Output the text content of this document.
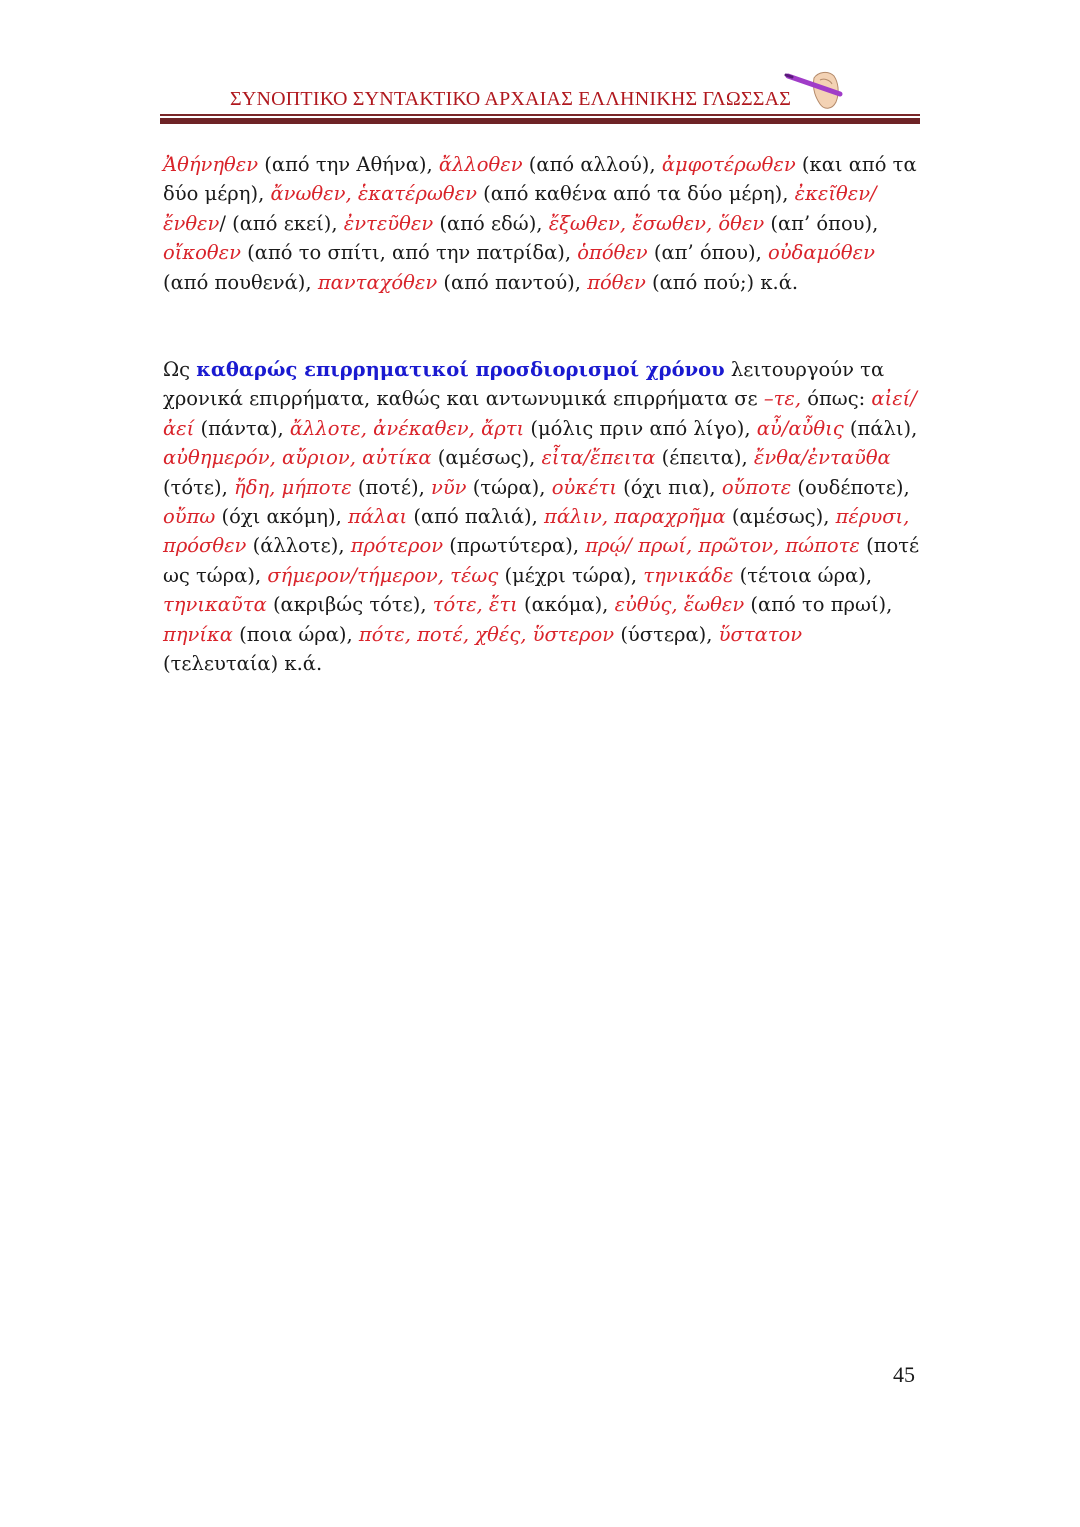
ΣΥΝΟΠΤΙΚΟ ΣΥΝΤΑΚΤΙΚΟ ΑΡΧΑΙΑΣ ΕΛΛΗΝΙΚΗΣ ΓΛΩΣΣΑΣ
Ἀθήνηθεν (από την Αθήνα), ἄλλοθεν (από αλλού), ἀμφοτέρωθεν (και από τα δύο μέρη), ἄνωθεν, ἑκατέρωθεν (από καθένα από τα δύο μέρη), ἐκεῖθεν/ἔνθεν/ (από εκεί), ἐντεῦθεν (από εδώ), ἔξωθεν, ἔσωθεν, ὅθεν (απ’ όπου), οἴκοθεν (από το σπίτι, από την πατρίδα), ὁπόθεν (απ’ όπου), οὐδαμόθεν (από πουθενά), πανταχόθεν (από παντού), πόθεν (από πού;) κ.ά.
Ως καθαρώς επιρρηματικοί προσδιορισμοί χρόνου λειτουργούν τα χρονικά επιρρήματα, καθώς και αντωνυμικά επιρρήματα σε –τε, όπως: αἰεί/ἀεί (πάντα), ἄλλοτε, ἀνέκαθεν, ἄρτι (μόλις πριν από λίγο), αὖ/αὖθις (πάλι), αὐθημερόν, αὔριον, αὐτίκα (αμέσως), εἶτα/ἔπειτα (έπειτα), ἔνθα/ἐνταῦθα (τότε), ἤδη, μήποτε (ποτέ), νῦν (τώρα), οὐκέτι (όχι πια), οὔποτε (ουδέποτε), οὔπω (όχι ακόμη), πάλαι (από παλιά), πάλιν, παραχρῆμα (αμέσως), πέρυσι, πρόσθεν (άλλοτε), πρότερον (πρωτύτερα), πρῴ/ πρωί, πρῶτον, πώποτε (ποτέ ως τώρα), σήμερον/τήμερον, τέως (μέχρι τώρα), τηνικάδε (τέτοια ώρα), τηνικαῦτα (ακριβώς τότε), τότε, ἔτι (ακόμα), εὐθύς, ἕωθεν (από το πρωί), πηνίκα (ποια ώρα), πότε, ποτέ, χθές, ὕστερον (ύστερα), ὕστατον (τελευταία) κ.ά.
45
